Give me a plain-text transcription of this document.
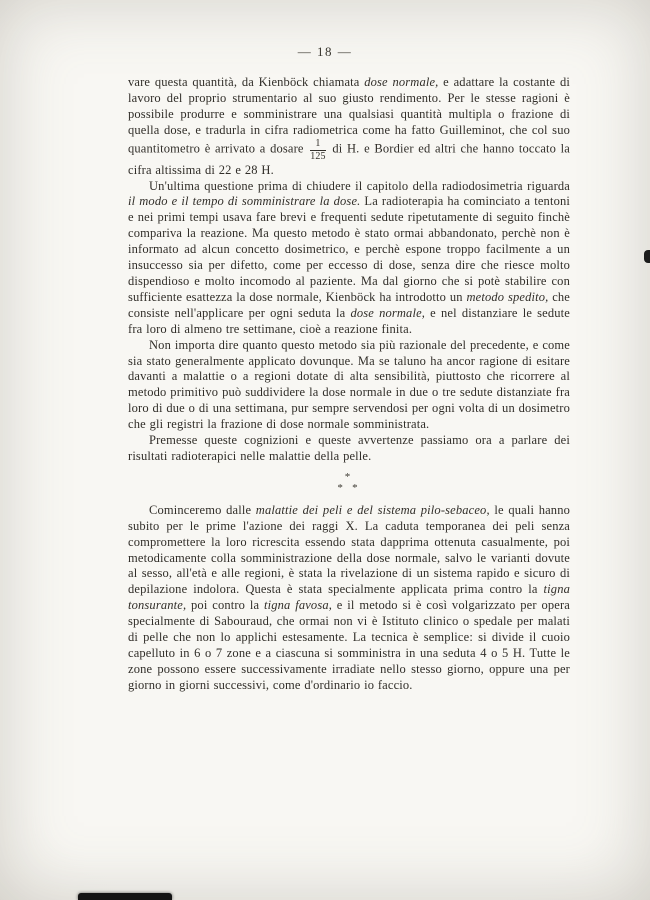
— 18 —

vare questa quantità, da Kienböck chiamata dose normale, e adattare la costante di lavoro del proprio strumentario al suo giusto rendimento. Per le stesse ragioni è possibile produrre e somministrare una qualsiasi quantità multipla o frazione di quella dose, e tradurla in cifra radiometrica come ha fatto Guilleminot, che col suo quantitometro è arrivato a dosare $\frac{1}{125}$ di H. e Bordier ed altri che hanno toccato la cifra altissima di 22 e 28 H.

Un'ultima questione prima di chiudere il capitolo della radiodosimetria riguarda il modo e il tempo di somministrare la dose. La radioterapia ha cominciato a tentoni e nei primi tempi usava fare brevi e frequenti sedute ripetutamente di seguito finchè compariva la reazione. Ma questo metodo è stato ormai abbandonato, perchè non è informato ad alcun concetto dosimetrico, e perchè espone troppo facilmente a un insuccesso sia per difetto, come per eccesso di dose, senza dire che riesce molto dispendioso e molto incomodo al paziente. Ma dal giorno che si potè stabilire con sufficiente esattezza la dose normale, Kienböck ha introdotto un metodo spedito, che consiste nell'applicare per ogni seduta la dose normale, e nel distanziare le sedute fra loro di almeno tre settimane, cioè a reazione finita.

Non importa dire quanto questo metodo sia più razionale del precedente, e come sia stato generalmente applicato dovunque. Ma se taluno ha ancor ragione di esitare davanti a malattie o a regioni dotate di alta sensibilità, piuttosto che ricorrere al metodo primitivo può suddividere la dose normale in due o tre sedute distanziate fra loro di due o di una settimana, pur sempre servendosi per ogni volta di un dosimetro che gli registri la frazione di dose normale somministrata.

Premesse queste cognizioni e queste avvertenze passiamo ora a parlare dei risultati radioterapici nelle malattie della pelle.

*
* *

Cominceremo dalle malattie dei peli e del sistema pilo-sebaceo, le quali hanno subito per le prime l'azione dei raggi X. La caduta temporanea dei peli senza compromettere la loro ricrescita essendo stata dapprima ottenuta casualmente, poi metodicamente colla somministrazione della dose normale, salvo le varianti dovute al sesso, all'età e alle regioni, è stata la rivelazione di un sistema rapido e sicuro di depilazione indolora. Questa è stata specialmente applicata prima contro la tigna tonsurante, poi contro la tigna favosa, e il metodo si è così volgarizzato per opera specialmente di Sabouraud, che ormai non vi è Istituto clinico o spedale per malati di pelle che non lo applichi estesamente. La tecnica è semplice: si divide il cuoio capelluto in 6 o 7 zone e a ciascuna si somministra in una seduta 4 o 5 H. Tutte le zone possono essere successivamente irradiate nello stesso giorno, oppure una per giorno in giorni successivi, come d'ordinario io faccio.
